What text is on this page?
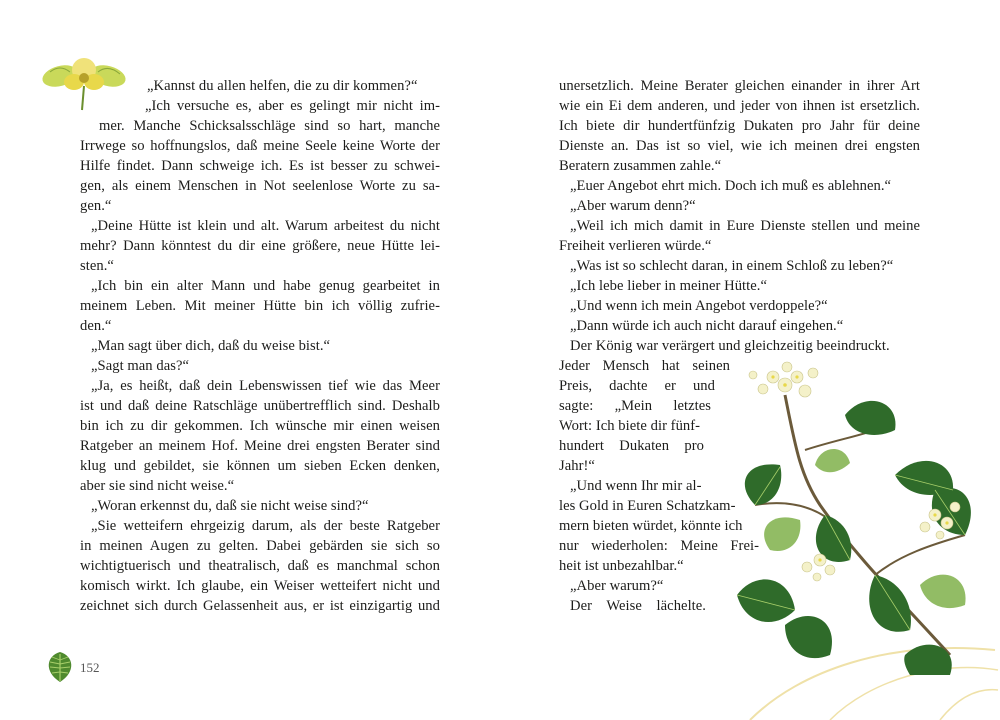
„Kannst du allen helfen, die zu dir kommen?“
„Ich versuche es, aber es gelingt mir nicht im-
mer. Manche Schicksalsschläge sind so hart, manche
Irrwege so hoffnungslos, daß meine Seele keine Worte der
Hilfe findet. Dann schweige ich. Es ist besser zu schwei-
gen, als einem Menschen in Not seelenlose Worte zu sa-
gen.“
„Deine Hütte ist klein und alt. Warum arbeitest du nicht
mehr? Dann könntest du dir eine größere, neue Hütte lei-
sten.“
„Ich bin ein alter Mann und habe genug gearbeitet in
meinem Leben. Mit meiner Hütte bin ich völlig zufrie-
den.“
„Man sagt über dich, daß du weise bist.“
„Sagt man das?“
„Ja, es heißt, daß dein Lebenswissen tief wie das Meer
ist und daß deine Ratschläge unübertrefflich sind. Deshalb
bin ich zu dir gekommen. Ich wünsche mir einen weisen
Ratgeber an meinem Hof. Meine drei engsten Berater sind
klug und gebildet, sie können um sieben Ecken denken,
aber sie sind nicht weise.“
„Woran erkennst du, daß sie nicht weise sind?“
„Sie wetteifern ehrgeizig darum, als der beste Ratgeber
in meinen Augen zu gelten. Dabei gebärden sie sich so
wichtigtuerisch und theatralisch, daß es manchmal schon
komisch wirkt. Ich glaube, ein Weiser wetteifert nicht und
zeichnet sich durch Gelassenheit aus, er ist einzigartig und
152
unersetzlich. Meine Berater gleichen einander in ihrer Art
wie ein Ei dem anderen, und jeder von ihnen ist ersetzlich.
Ich biete dir hundertfünfzig Dukaten pro Jahr für deine
Dienste an. Das ist so viel, wie ich meinen drei engsten
Beratern zusammen zahle.“
„Euer Angebot ehrt mich. Doch ich muß es ablehnen.“
„Aber warum denn?“
„Weil ich mich damit in Eure Dienste stellen und meine
Freiheit verlieren würde.“
„Was ist so schlecht daran, in einem Schloß zu leben?“
„Ich lebe lieber in meiner Hütte.“
„Und wenn ich mein Angebot verdoppele?“
„Dann würde ich auch nicht darauf eingehen.“
Der König war verärgert und gleichzeitig beeindruckt.
Jeder Mensch hat seinen
Preis, dachte er und
sagte: „Mein letztes
Wort: Ich biete dir fünf-
hundert Dukaten pro
Jahr!“
„Und wenn Ihr mir al-
les Gold in Euren Schatzkam-
mern bieten würdet, könnte ich
nur wiederholen: Meine Frei-
heit ist unbezahlbar.“
„Aber warum?“
Der Weise lächelte.
